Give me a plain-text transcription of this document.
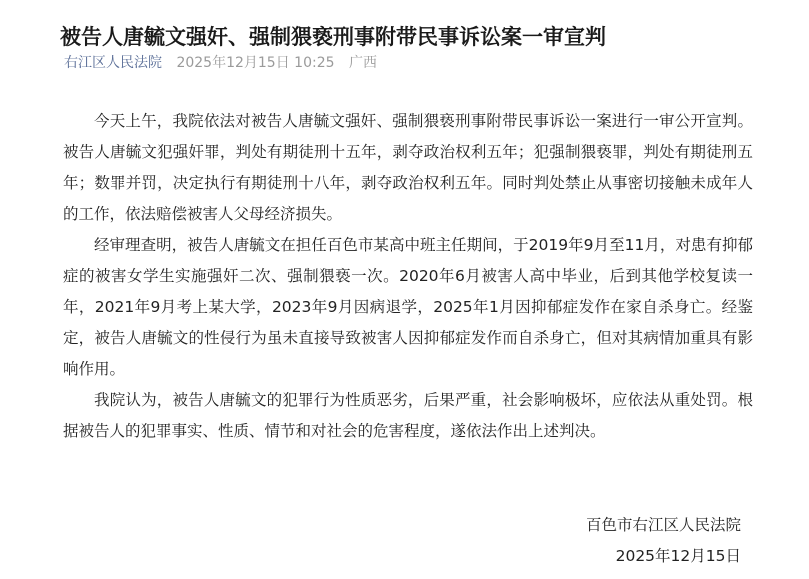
被告人唐毓文强奸、强制猥亵刑事附带民事诉讼案一审宣判
右江区人民法院 2025年12月15日 10:25 广西

今天上午，我院依法对被告人唐毓文强奸、强制猥亵刑事附带民事诉讼一案进行一审公开宣判。被告人唐毓文犯强奸罪，判处有期徒刑十五年，剥夺政治权利五年；犯强制猥亵罪，判处有期徒刑五年；数罪并罚，决定执行有期徒刑十八年，剥夺政治权利五年。同时判处禁止从事密切接触未成年人的工作，依法赔偿被害人父母经济损失。

经审理查明，被告人唐毓文在担任百色市某高中班主任期间，于2019年9月至11月，对患有抑郁症的被害女学生实施强奸二次、强制猥亵一次。2020年6月被害人高中毕业，后到其他学校复读一年，2021年9月考上某大学，2023年9月因病退学，2025年1月因抑郁症发作在家自杀身亡。经鉴定，被告人唐毓文的性侵行为虽未直接导致被害人因抑郁症发作而自杀身亡，但对其病情加重具有影响作用。

我院认为，被告人唐毓文的犯罪行为性质恶劣，后果严重，社会影响极坏，应依法从重处罚。根据被告人的犯罪事实、性质、情节和对社会的危害程度，遂依法作出上述判决。

百色市右江区人民法院
2025年12月15日
